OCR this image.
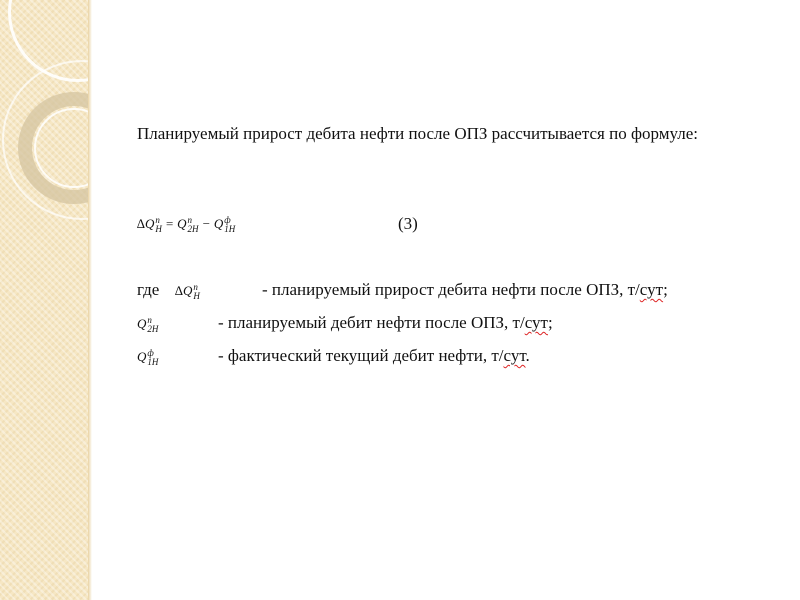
Планируемый прирост дебита нефти после ОПЗ рассчитывается по формуле:
∆Q п
Н = Q п
2Н − Q ф
1Н	(3)
где ∆Q п
Н	- планируемый прирост дебита нефти после ОПЗ, т/сут;
Q п
2Н	- планируемый дебит нефти после ОПЗ, т/сут;
Q ф
1Н	- фактический текущий дебит нефти, т/сут.
